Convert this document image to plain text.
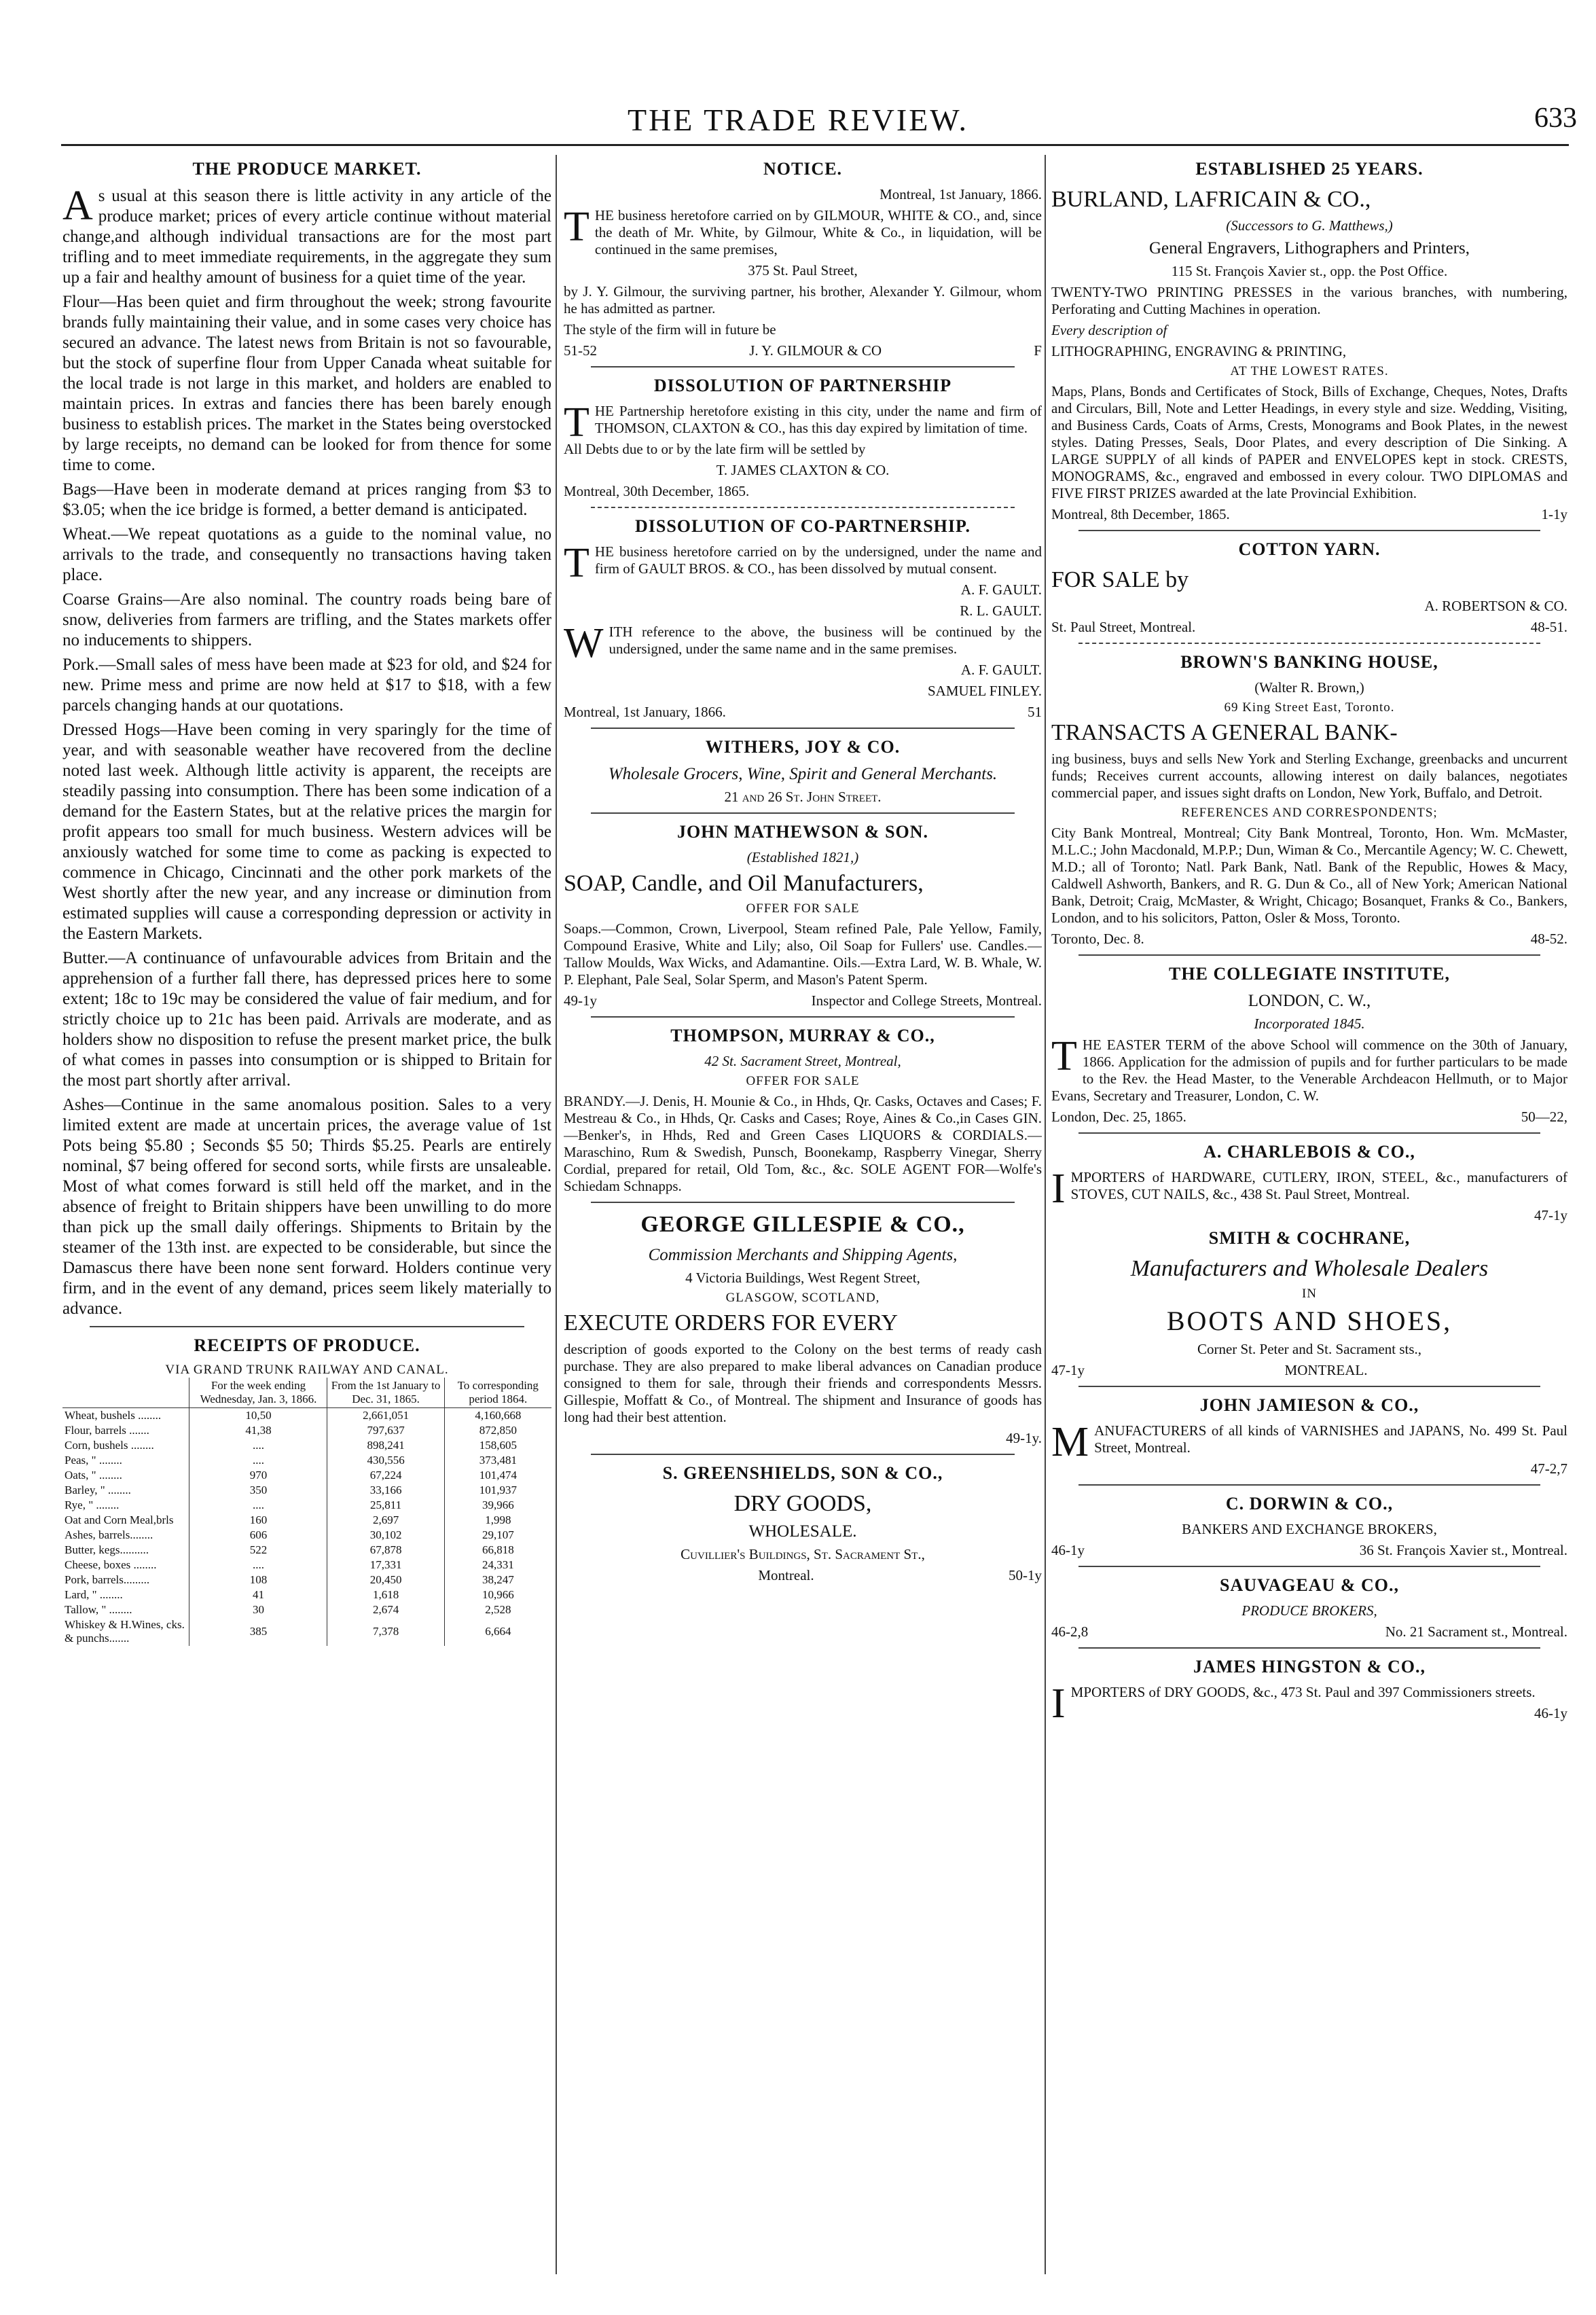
THE TRADE REVIEW.	633
THE PRODUCE MARKET.

As usual at this season there is little activity in any article of the produce market; prices of every article continue without material change,and although individual transactions are for the most part trifling and to meet immediate requirements, in the aggregate they sum up a fair and healthy amount of business for a quiet time of the year.

Flour—Has been quiet and firm throughout the week; strong favourite brands fully maintaining their value, and in some cases very choice has secured an advance. The latest news from Britain is not so favourable, but the stock of superfine flour from Upper Canada wheat suitable for the local trade is not large in this market, and holders are enabled to maintain prices. In extras and fancies there has been barely enough business to establish prices. The market in the States being overstocked by large receipts, no demand can be looked for from thence for some time to come.

Bags—Have been in moderate demand at prices ranging from $3 to $3.05; when the ice bridge is formed, a better demand is anticipated.

Wheat.—We repeat quotations as a guide to the nominal value, no arrivals to the trade, and consequently no transactions having taken place.

Coarse Grains—Are also nominal. The country roads being bare of snow, deliveries from farmers are trifling, and the States markets offer no inducements to shippers.

Pork.—Small sales of mess have been made at $23 for old, and $24 for new. Prime mess and prime are now held at $17 to $18, with a few parcels changing hands at our quotations.

Dressed Hogs—Have been coming in very sparingly for the time of year, and with seasonable weather have recovered from the decline noted last week. Although little activity is apparent, the receipts are steadily passing into consumption. There has been some indication of a demand for the Eastern States, but at the relative prices the margin for profit appears too small for much business. Western advices will be anxiously watched for some time to come as packing is expected to commence in Chicago, Cincinnati and the other pork markets of the West shortly after the new year, and any increase or diminution from estimated supplies will cause a corresponding depression or activity in the Eastern Markets.

Butter.—A continuance of unfavourable advices from Britain and the apprehension of a further fall there, has depressed prices here to some extent; 18c to 19c may be considered the value of fair medium, and for strictly choice up to 21c has been paid. Arrivals are moderate, and as holders show no disposition to refuse the present market price, the bulk of what comes in passes into consumption or is shipped to Britain for the most part shortly after arrival.

Ashes—Continue in the same anomalous position. Sales to a very limited extent are made at uncertain prices, the average value of 1st Pots being $5.80 ; Seconds $5 50; Thirds $5.25. Pearls are entirely nominal, $7 being offered for second sorts, while firsts are unsaleable. Most of what comes forward is still held off the market, and in the absence of freight to Britain shippers have been unwilling to do more than pick up the small daily offerings. Shipments to Britain by the steamer of the 13th inst. are expected to be considerable, but since the Damascus there have been none sent forward. Holders continue very firm, and in the event of any demand, prices seem likely materially to advance.

RECEIPTS OF PRODUCE.
VIA GRAND TRUNK RAILWAY AND CANAL.
	For the week ending Wednesday, Jan. 3, 1866.	From the 1st January to Dec. 31, 1865.	To corresponding period 1864.
Wheat, bushels ........	10,50	2,661,051	4,160,668
Flour, barrels .......	41,38	797,637	872,850
Corn, bushels ........	....	898,241	158,605
Peas, " ........	....	430,556	373,481
Oats, " ........	970	67,224	101,474
Barley, " ........	350	33,166	101,937
Rye, " ........	....	25,811	39,966
Oat and Corn Meal,brls	160	2,697	1,998
Ashes, barrels........	606	30,102	29,107
Butter, kegs..........	522	67,878	66,818
Cheese, boxes ........	....	17,331	24,331
Pork, barrels.........	108	20,450	38,247
Lard, " ........	41	1,618	10,966
Tallow, " ........	30	2,674	2,528
Whiskey & H.Wines, cks. & punchs.......	385	7,378	6,664
NOTICE.

Montreal, 1st January, 1866.

THE business heretofore carried on by GILMOUR, WHITE & CO., and, since the death of Mr. White, by Gilmour, White & Co., in liquidation, will be continued in the same premises,

375 St. Paul Street,

by J. Y. Gilmour, the surviving partner, his brother, Alexander Y. Gilmour, whom he has admitted as partner.

The style of the firm will in future be

51-52	J. Y. GILMOUR & CO	F
DISSOLUTION OF PARTNERSHIP

THE Partnership heretofore existing in this city, under the name and firm of THOMSON, CLAXTON & CO., has this day expired by limitation of time.

All Debts due to or by the late firm will be settled by

T. JAMES CLAXTON & CO.

Montreal, 30th December, 1865.

DISSOLUTION OF CO-PARTNERSHIP.

THE business heretofore carried on by the undersigned, under the name and firm of GAULT BROS. & CO., has been dissolved by mutual consent.

A. F. GAULT.

R. L. GAULT.

WITH reference to the above, the business will be continued by the undersigned, under the same name and in the same premises.

A. F. GAULT.

SAMUEL FINLEY.

Montreal, 1st January, 1866.	51
WITHERS, JOY & CO.

Wholesale Grocers, Wine, Spirit and General Merchants.

21 and 26 St. John Street.

JOHN MATHEWSON & SON.

(Established 1821,)

SOAP, Candle, and Oil Manufacturers,

OFFER FOR SALE

Soaps.—Common, Crown, Liverpool, Steam refined Pale, Pale Yellow, Family, Compound Erasive, White and Lily; also, Oil Soap for Fullers' use. Candles.—Tallow Moulds, Wax Wicks, and Adamantine. Oils.—Extra Lard, W. B. Whale, W. P. Elephant, Pale Seal, Solar Sperm, and Mason's Patent Sperm.

49-1y	Inspector and College Streets, Montreal.
THOMPSON, MURRAY & CO.,

42 St. Sacrament Street, Montreal,

OFFER FOR SALE

BRANDY.—J. Denis, H. Mounie & Co., in Hhds, Qr. Casks, Octaves and Cases; F. Mestreau & Co., in Hhds, Qr. Casks and Cases; Roye, Aines & Co.,in Cases GIN.—Benker's, in Hhds, Red and Green Cases LIQUORS & CORDIALS.—Maraschino, Rum & Swedish, Punsch, Boonekamp, Raspberry Vinegar, Sherry Cordial, prepared for retail, Old Tom, &c., &c. SOLE AGENT FOR—Wolfe's Schiedam Schnapps.

GEORGE GILLESPIE & CO.,

Commission Merchants and Shipping Agents,

4 Victoria Buildings, West Regent Street,

GLASGOW, SCOTLAND,

EXECUTE ORDERS FOR EVERY

description of goods exported to the Colony on the best terms of ready cash purchase. They are also prepared to make liberal advances on Canadian produce consigned to them for sale, through their friends and correspondents Messrs. Gillespie, Moffatt & Co., of Montreal. The shipment and Insurance of goods has long had their best attention.

49-1y.

S. GREENSHIELDS, SON & CO.,

DRY GOODS,

WHOLESALE.

Cuvillier's Buildings, St. Sacrament St.,

Montreal.	50-1y
ESTABLISHED 25 YEARS.

BURLAND, LAFRICAIN & CO.,

(Successors to G. Matthews,)

General Engravers, Lithographers and Printers,

115 St. François Xavier st., opp. the Post Office.

TWENTY-TWO PRINTING PRESSES in the various branches, with numbering, Perforating and Cutting Machines in operation.

Every description of

LITHOGRAPHING, ENGRAVING & PRINTING,

AT THE LOWEST RATES.

Maps, Plans, Bonds and Certificates of Stock, Bills of Exchange, Cheques, Notes, Drafts and Circulars, Bill, Note and Letter Headings, in every style and size. Wedding, Visiting, and Business Cards, Coats of Arms, Crests, Monograms and Book Plates, in the newest styles. Dating Presses, Seals, Door Plates, and every description of Die Sinking. A LARGE SUPPLY of all kinds of PAPER and ENVELOPES kept in stock. CRESTS, MONOGRAMS, &c., engraved and embossed in every colour. TWO DIPLOMAS and FIVE FIRST PRIZES awarded at the late Provincial Exhibition.

Montreal, 8th December, 1865.	1-1y
COTTON YARN.

FOR SALE by

A. ROBERTSON & CO.

St. Paul Street, Montreal.	48-51.
BROWN'S BANKING HOUSE,

(Walter R. Brown,)

69 King Street East, Toronto.

TRANSACTS A GENERAL BANK-

ing business, buys and sells New York and Sterling Exchange, greenbacks and uncurrent funds; Receives current accounts, allowing interest on daily balances, negotiates commercial paper, and issues sight drafts on London, New York, Buffalo, and Detroit.

REFERENCES AND CORRESPONDENTS;

City Bank Montreal, Montreal; City Bank Montreal, Toronto, Hon. Wm. McMaster, M.L.C.; John Macdonald, M.P.P.; Dun, Wiman & Co., Mercantile Agency; W. C. Chewett, M.D.; all of Toronto; Natl. Park Bank, Natl. Bank of the Republic, Howes & Macy, Caldwell Ashworth, Bankers, and R. G. Dun & Co., all of New York; American National Bank, Detroit; Craig, McMaster, & Wright, Chicago; Bosanquet, Franks & Co., Bankers, London, and to his solicitors, Patton, Osler & Moss, Toronto.

Toronto, Dec. 8.	48-52.
THE COLLEGIATE INSTITUTE,

LONDON, C. W.,

Incorporated 1845.

THE EASTER TERM of the above School will commence on the 30th of January, 1866. Application for the admission of pupils and for further particulars to be made to the Rev. the Head Master, to the Venerable Archdeacon Hellmuth, or to Major Evans, Secretary and Treasurer, London, C. W.

London, Dec. 25, 1865.	50—22,
A. CHARLEBOIS & CO.,

IMPORTERS of HARDWARE, CUTLERY, IRON, STEEL, &c., manufacturers of STOVES, CUT NAILS, &c., 438 St. Paul Street, Montreal.

47-1y

SMITH & COCHRANE,

Manufacturers and Wholesale Dealers

IN

BOOTS AND SHOES,

Corner St. Peter and St. Sacrament sts.,

47-1y	MONTREAL.
JOHN JAMIESON & CO.,

MANUFACTURERS of all kinds of VARNISHES and JAPANS, No. 499 St. Paul Street, Montreal.

47-2,7

C. DORWIN & CO.,

BANKERS AND EXCHANGE BROKERS,

46-1y	36 St. François Xavier st., Montreal.
SAUVAGEAU & CO.,

PRODUCE BROKERS,

46-2,8	No. 21 Sacrament st., Montreal.
JAMES HINGSTON & CO.,

IMPORTERS of DRY GOODS, &c., 473 St. Paul and 397 Commissioners streets.

46-1y
